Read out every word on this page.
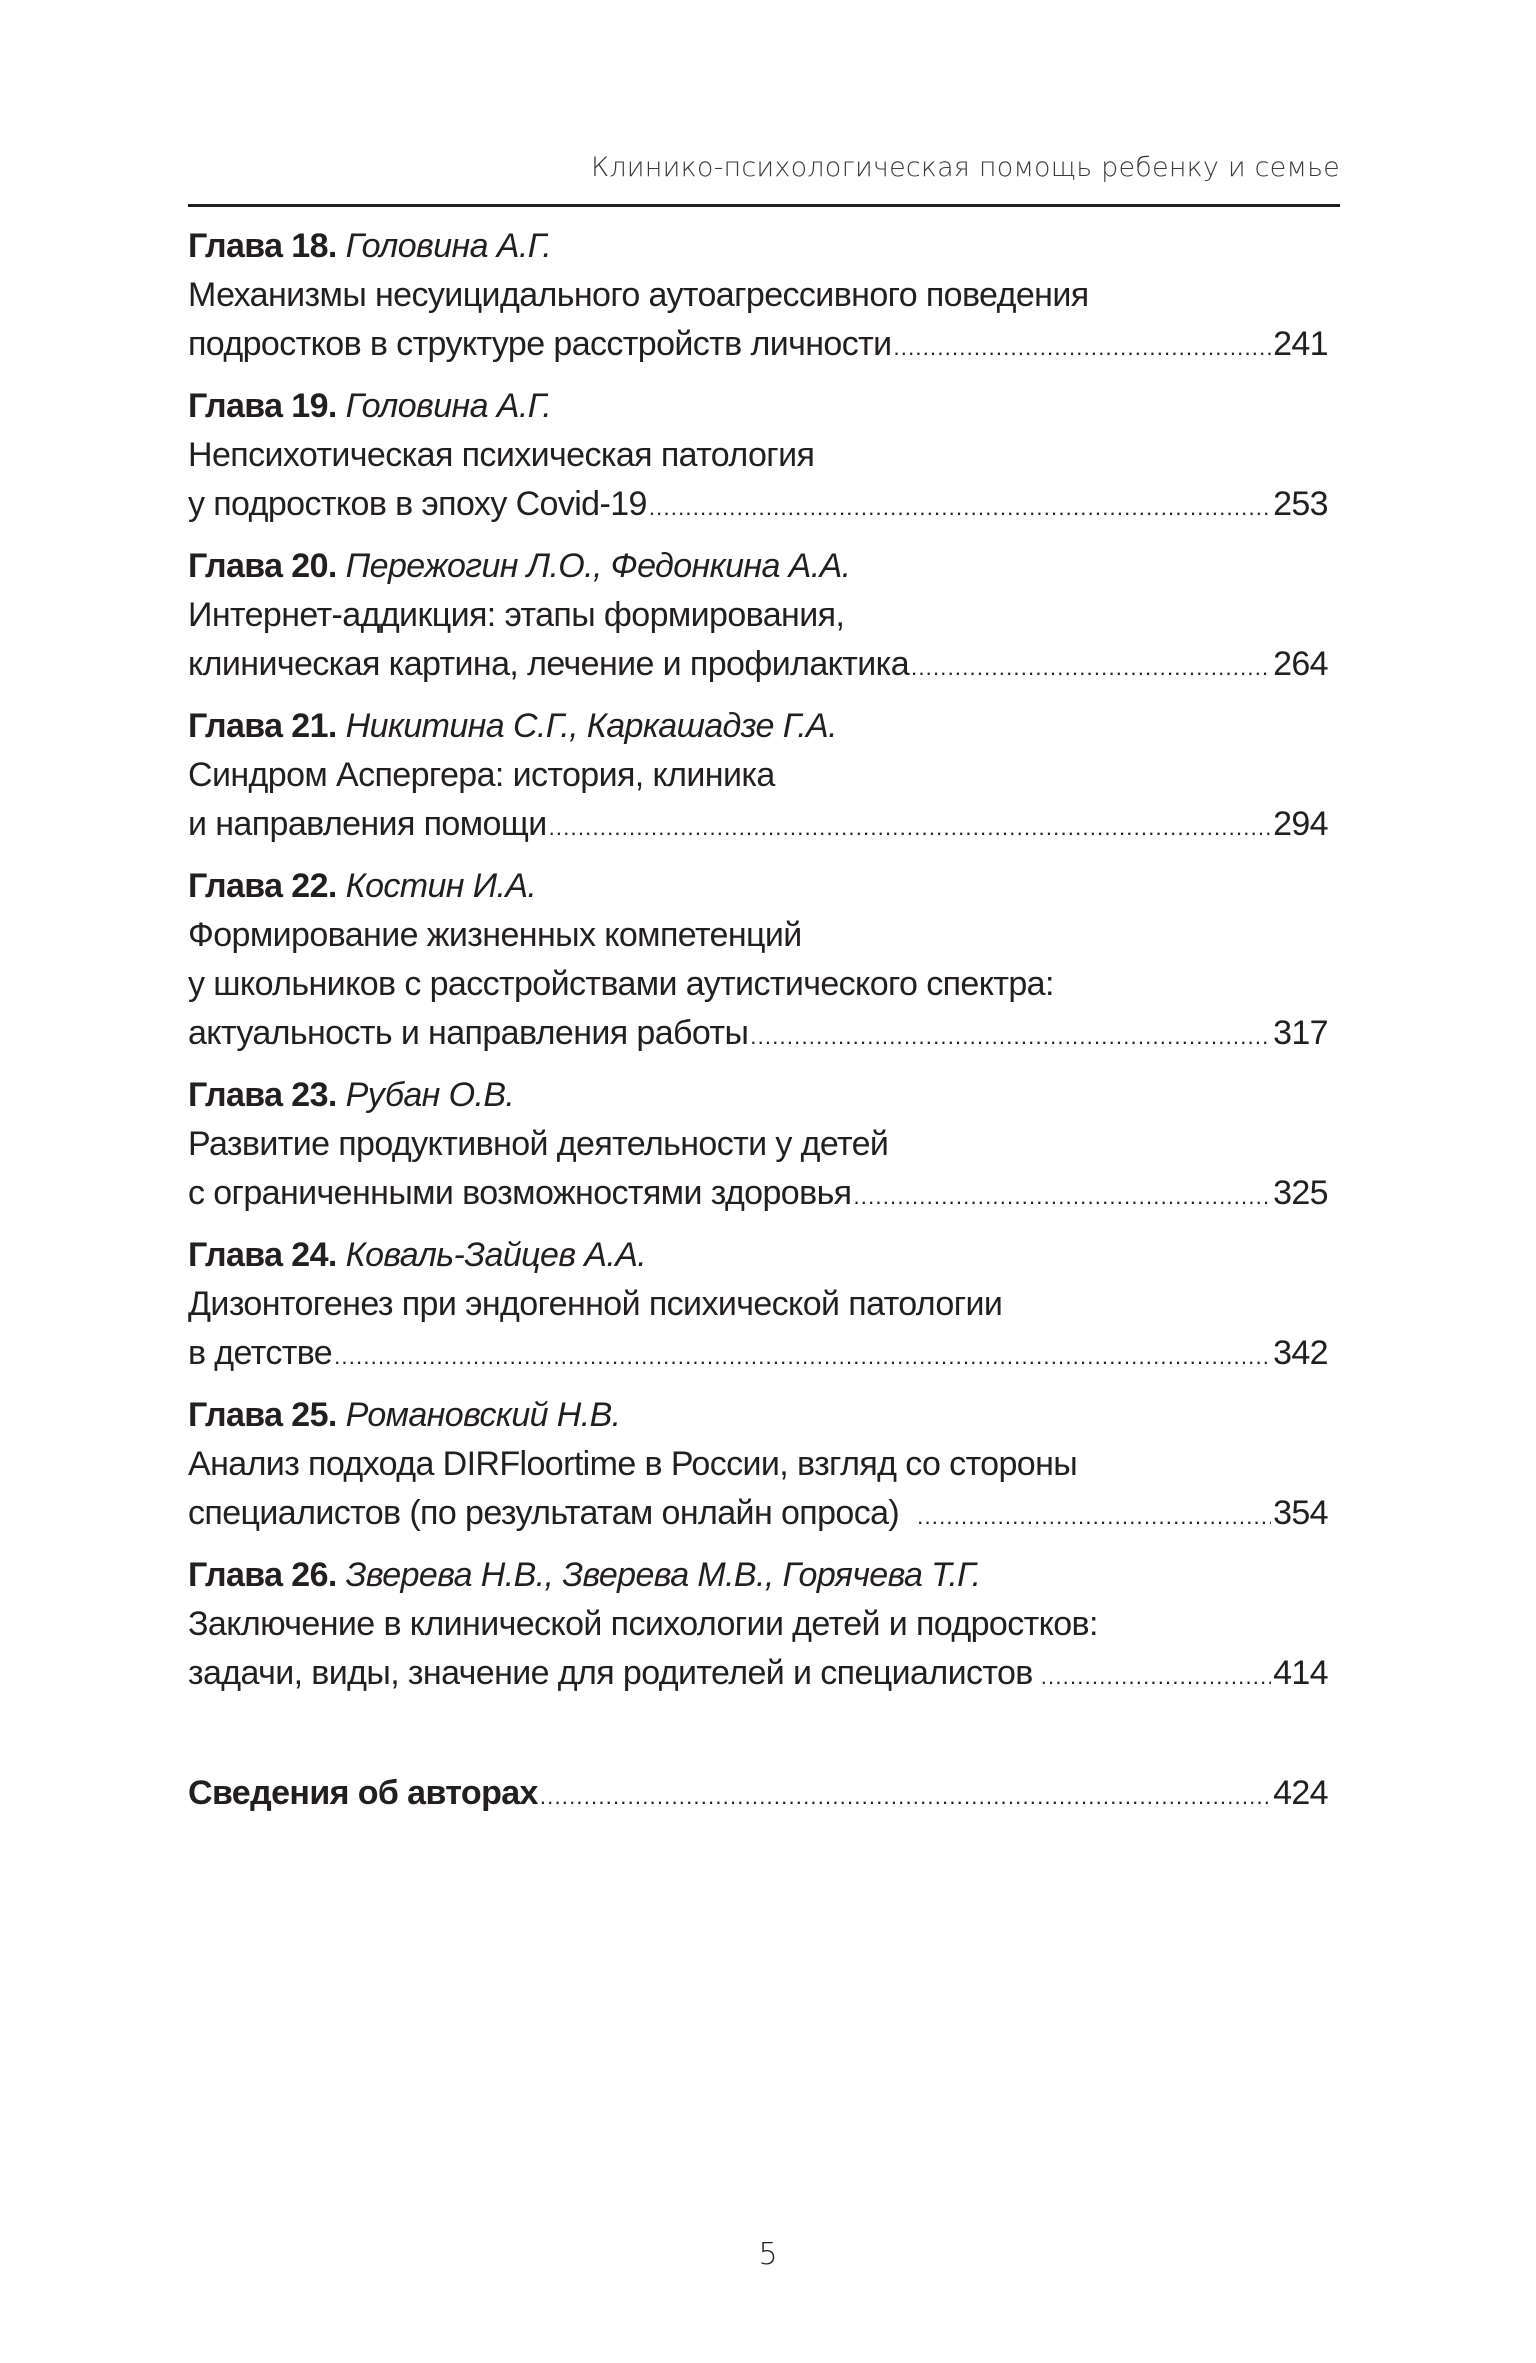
Клинико-психологическая помощь ребенку и семье
Глава 18. Головина А.Г.
Механизмы несуицидального аутоагрессивного поведения
подростков в структуре расстройств личности .....	241
Глава 19. Головина А.Г.
Непсихотическая психическая патология
у подростков в эпоху Covid-19 .....	253
Глава 20. Пережогин Л.О., Федонкина А.А.
Интернет-аддикция: этапы формирования,
клиническая картина, лечение и профилактика .....	264
Глава 21. Никитина С.Г., Каркашадзе Г.А.
Синдром Аспергера: история, клиника
и направления помощи .....	294
Глава 22. Костин И.А.
Формирование жизненных компетенций
у школьников с расстройствами аутистического спектра:
актуальность и направления работы .....	317
Глава 23. Рубан О.В.
Развитие продуктивной деятельности у детей
с ограниченными возможностями здоровья .....	325
Глава 24. Коваль-Зайцев А.А.
Дизонтогенез при эндогенной психической патологии
в детстве .....	342
Глава 25. Романовский Н.В.
Анализ подхода DIRFloortime в России, взгляд со стороны
специалистов (по результатам онлайн опроса) .....	354
Глава 26. Зверева Н.В., Зверева М.В., Горячева Т.Г.
Заключение в клинической психологии детей и подростков:
задачи, виды, значение для родителей и специалистов .....	414
Сведения об авторах .....	424
5
